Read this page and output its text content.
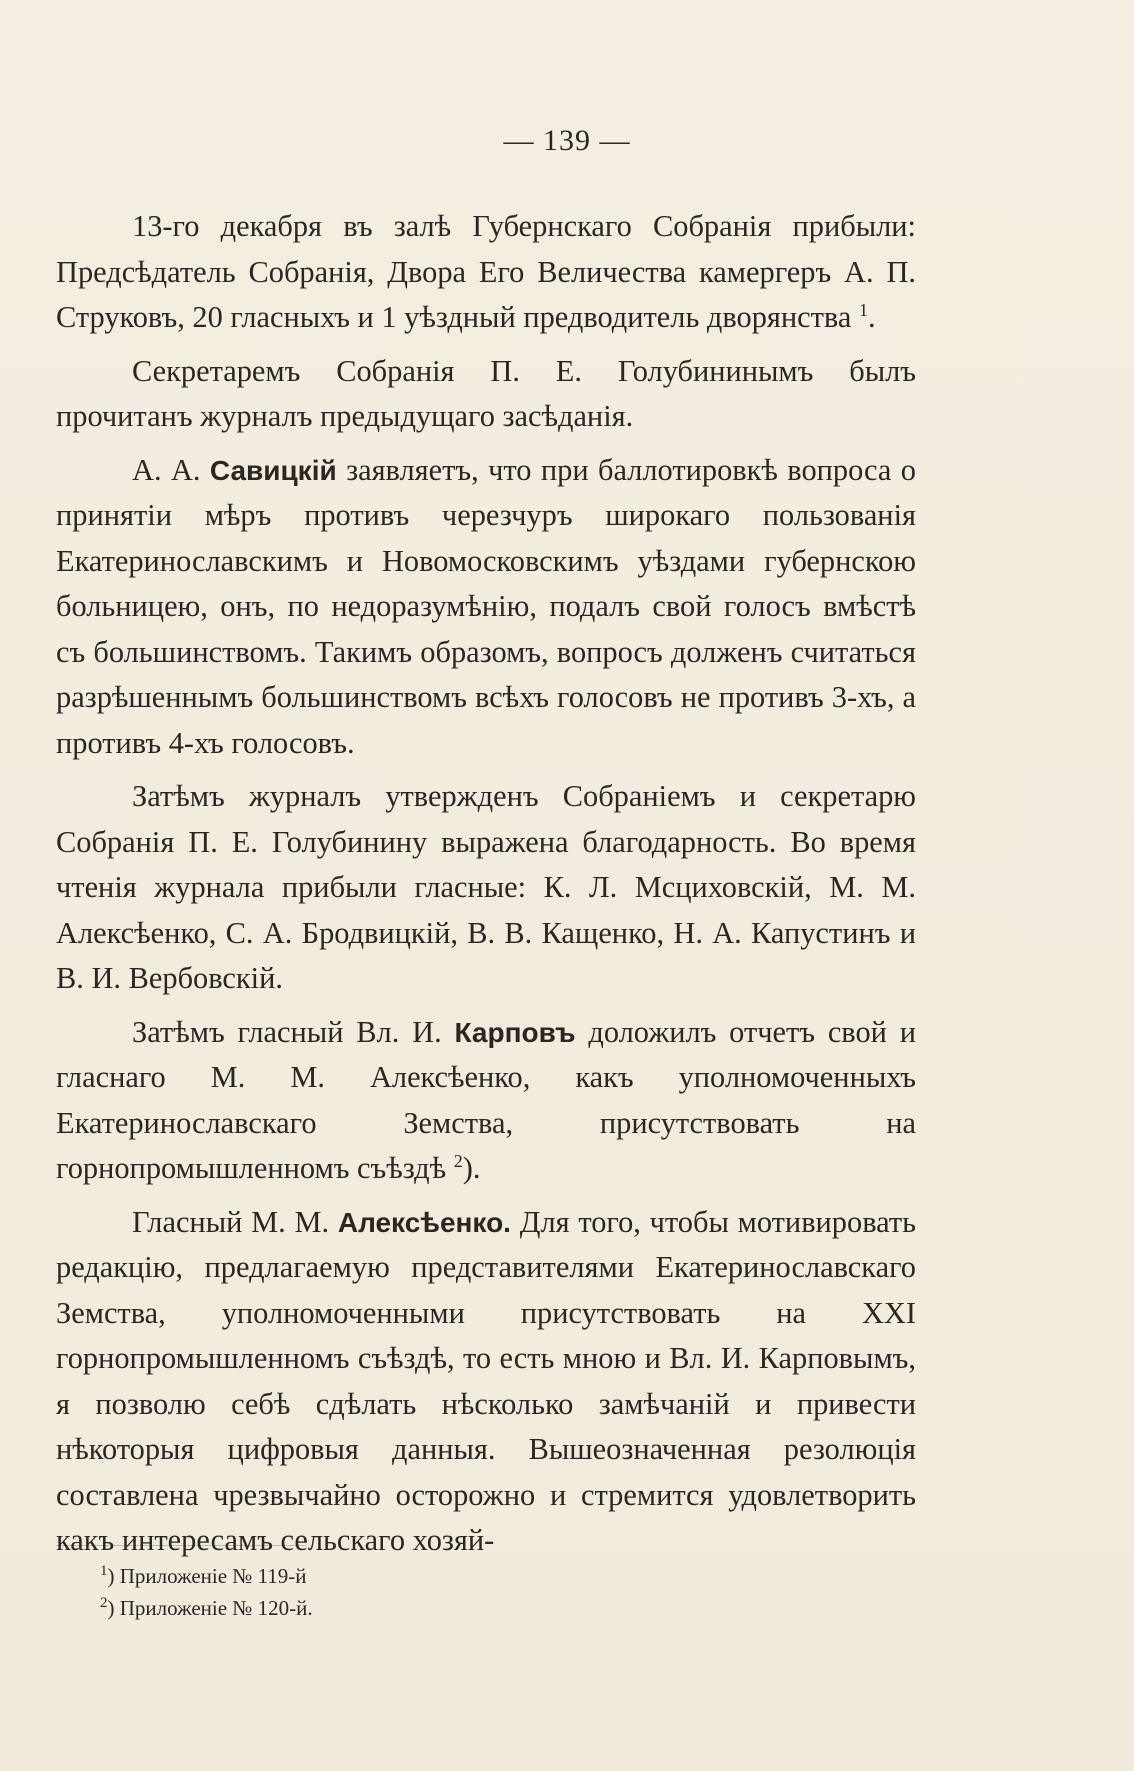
— 139 —

13-го декабря въ залѣ Губернскаго Собранія прибыли: Предсѣдатель Собранія, Двора Его Величества камергеръ А. П. Струковъ, 20 гласныхъ и 1 уѣздный предводитель дворянства $^1$.

Секретаремъ Собранія П. Е. Голубининымъ былъ прочитанъ журналъ предыдущаго засѣданія.

А. А. Савицкій заявляетъ, что при баллотировкѣ вопроса о принятіи мѣръ противъ черезчуръ широкаго пользованія Екатеринославскимъ и Новомосковскимъ уѣздами губернскою больницею, онъ, по недоразумѣнію, подалъ свой голосъ вмѣстѣ съ большинствомъ. Такимъ образомъ, вопросъ долженъ считаться разрѣшеннымъ большинствомъ всѣхъ голосовъ не противъ 3-хъ, а противъ 4-хъ голосовъ.

Затѣмъ журналъ утвержденъ Собраніемъ и секретарю Собранія П. Е. Голубинину выражена благодарность. Во время чтенія журнала прибыли гласные: К. Л. Мсциховскій, М. М. Алексѣенко, С. А. Бродвицкій, В. В. Кащенко, Н. А. Капустинъ и В. И. Вербовскій.

Затѣмъ гласный Вл. И. Карповъ доложилъ отчетъ свой и гласнаго М. М. Алексѣенко, какъ уполномоченныхъ Екатеринославскаго Земства, присутствовать на горнопромышленномъ съѣздѣ $^2$).

Гласный М. М. Алексѣенко. Для того, чтобы мотивировать редакцію, предлагаемую представителями Екатеринославскаго Земства, уполномоченными присутствовать на XXI горнопромышленномъ съѣздѣ, то есть мною и Вл. И. Карповымъ, я позволю себѣ сдѣлать нѣсколько замѣчаній и привести нѣкоторыя цифровыя данныя. Вышеозначенная резолюція составлена чрезвычайно осторожно и стремится удовлетворить какъ интересамъ сельскаго хозяй-

$^1$) Приложеніе № 119-й
$^2$) Приложеніе № 120-й.
